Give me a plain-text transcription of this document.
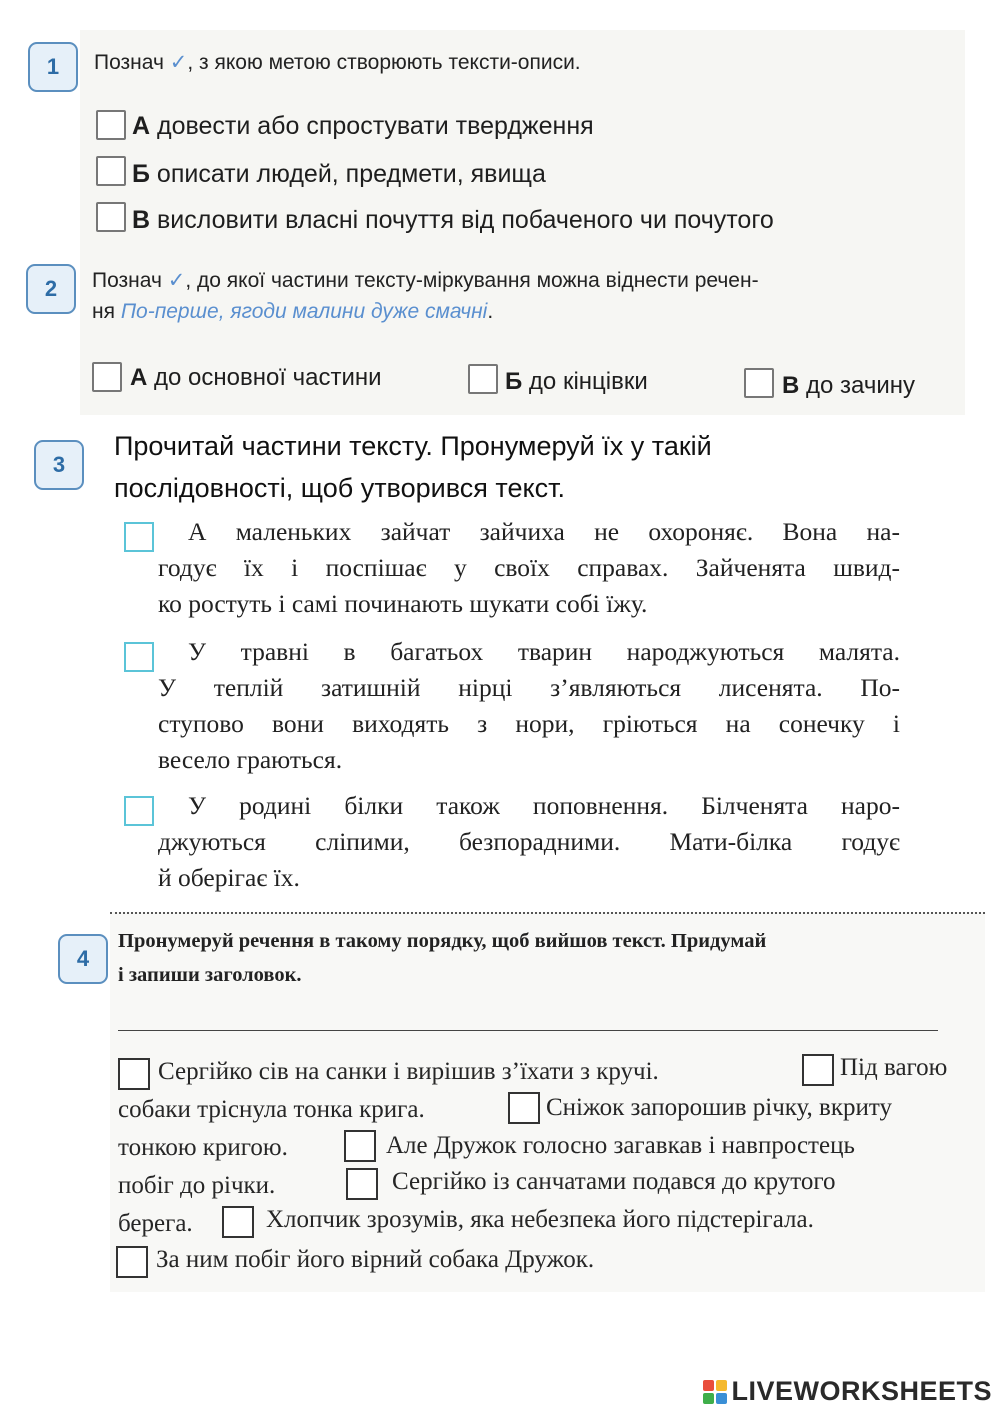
1	Познач ✓, з якою метою створюють тексти-описи.
А довести або спростувати твердження
Б описати людей, предмети, явища
В висловити власні почуття від побаченого чи почутого
2	Познач ✓, до якої частини тексту-міркування можна віднести речен-
ня По-перше, ягоди малини дуже смачні.
А до основної частини	Б до кінцівки	В до зачину
3
Прочитай частини тексту. Пронумеруй їх у такій
послідовності, щоб утворився текст.
А маленьких зайчат зайчиха не охороняє. Вона на-
годує їх і поспішає у своїх справах. Зайченята швид-
ко ростуть і самі починають шукати собі їжу.
У травні в багатьох тварин народжуються малята.
У теплій затишній нірці з’являються лисенята. По-
ступово вони виходять з нори, гріються на сонечку і
весело граються.
У родині білки також поповнення. Білченята наро-
джуються сліпими, безпорадними. Мати-білка годує
й оберігає їх.
4
Пронумеруй речення в такому порядку, щоб вийшов текст. Придумай
і запиши заголовок.
Сергійко сів на санки і вирішив з’їхати з кручі.	Під вагою
собаки тріснула тонка крига.	Сніжок запорошив річку, вкриту
тонкою кригою.	Але Дружок голосно загавкав і навпростець
побіг до річки.	Сергійко із санчатами подався до крутого
берега.	Хлопчик зрозумів, яка небезпека його підстерігала.
За ним побіг його вірний собака Дружок.
LIVEWORKSHEETS
